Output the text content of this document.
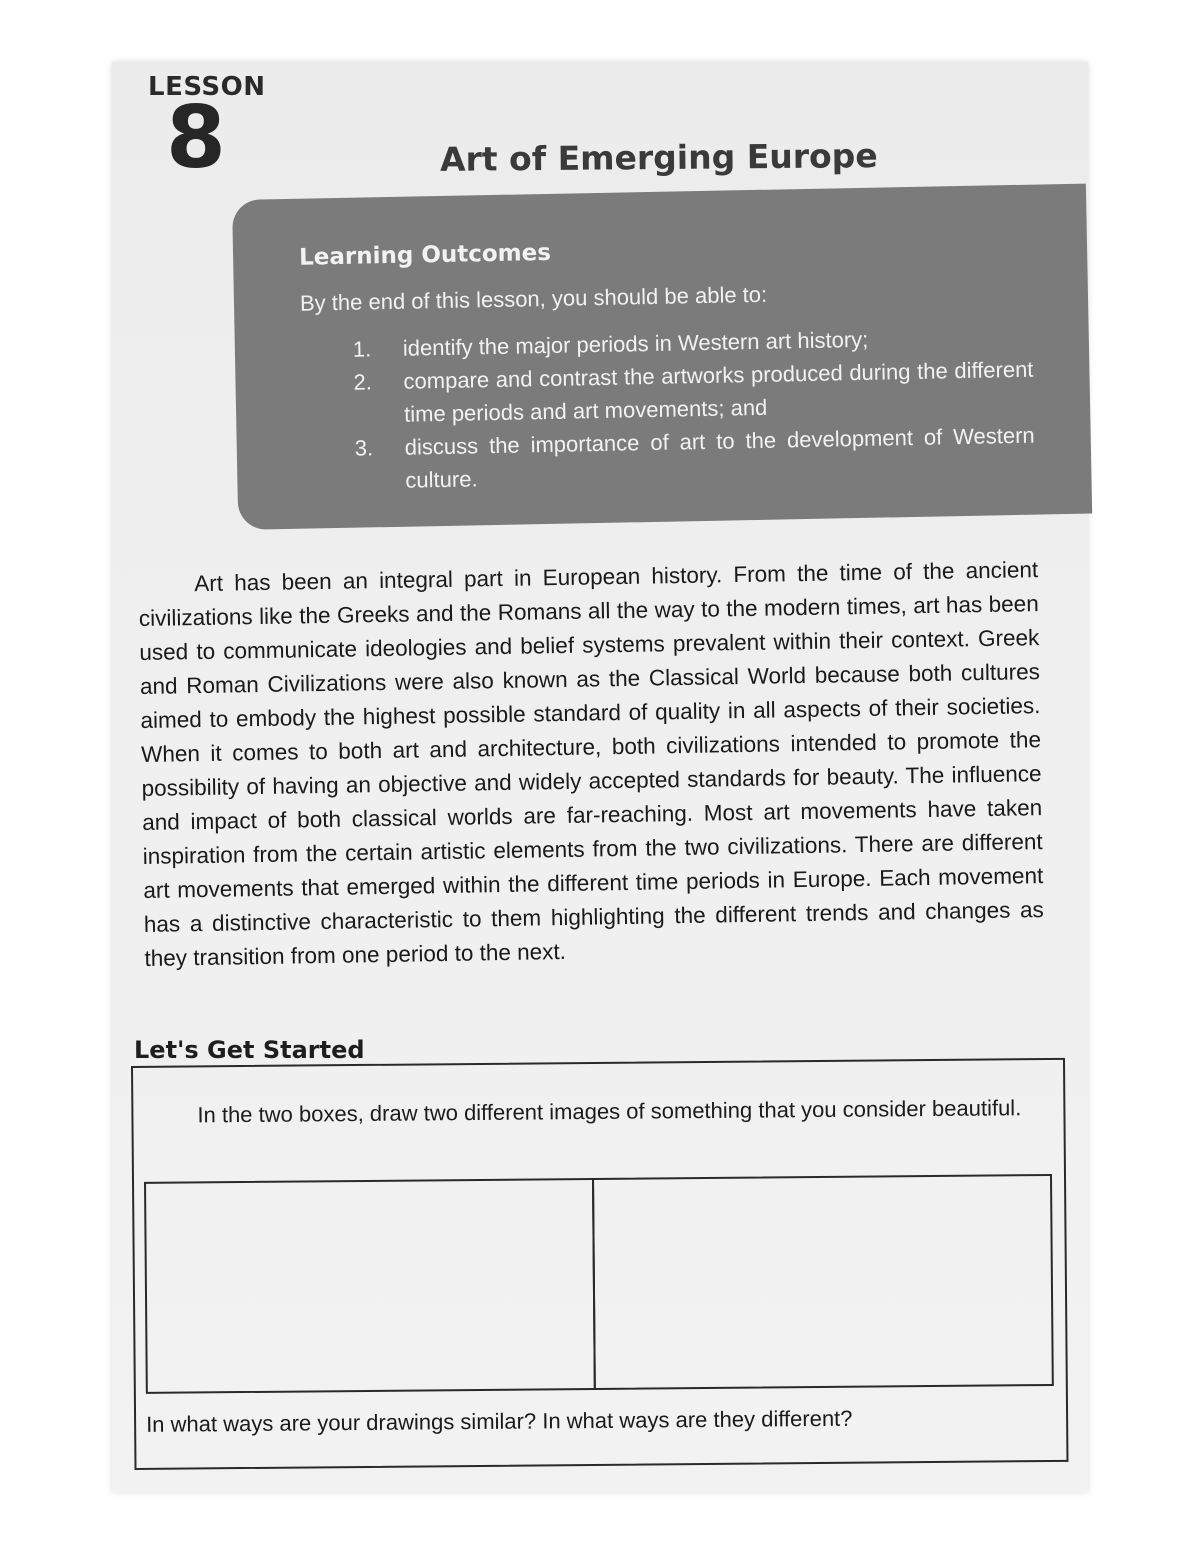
LESSON
8	Art of Emerging Europe
Learning Outcomes
By the end of this lesson, you should be able to:
1. identify the major periods in Western art history;
2. compare and contrast the artworks produced during the different time periods and art movements; and
3. discuss the importance of art to the development of Western culture.
Art has been an integral part in European history. From the time of the ancient civilizations like the Greeks and the Romans all the way to the modern times, art has been used to communicate ideologies and belief systems prevalent within their context. Greek and Roman Civilizations were also known as the Classical World because both cultures aimed to embody the highest possible standard of quality in all aspects of their societies. When it comes to both art and architecture, both civilizations intended to promote the possibility of having an objective and widely accepted standards for beauty. The influence and impact of both classical worlds are far-reaching. Most art movements have taken inspiration from the certain artistic elements from the two civilizations. There are different art movements that emerged within the different time periods in Europe. Each movement has a distinctive characteristic to them highlighting the different trends and changes as they transition from one period to the next.
Let's Get Started
In the two boxes, draw two different images of something that you consider beautiful.
In what ways are your drawings similar? In what ways are they different?
